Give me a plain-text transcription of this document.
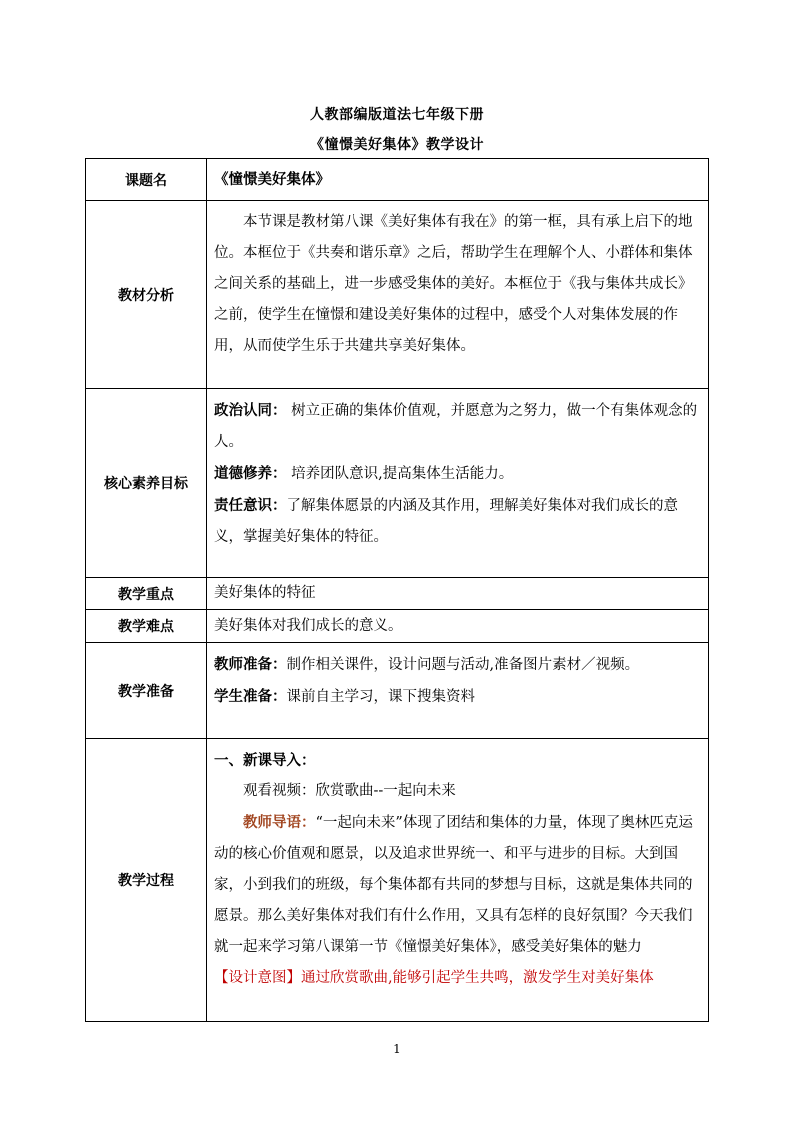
人教部编版道法七年级下册
《憧憬美好集体》教学设计
课题名	《憧憬美好集体》
教材分析	本节课是教材第八课《美好集体有我在》的第一框，具有承上启下的地位。本框位于《共奏和谐乐章》之后，帮助学生在理解个人、小群体和集体之间关系的基础上，进一步感受集体的美好。本框位于《我与集体共成长》之前，使学生在憧憬和建设美好集体的过程中，感受个人对集体发展的作用，从而使学生乐于共建共享美好集体。

核心素养目标	政治认同： 树立正确的集体价值观，并愿意为之努力，做一个有集体观念的人。

道德修养： 培养团队意识,提高集体生活能力。

责任意识：了解集体愿景的内涵及其作用，理解美好集体对我们成长的意义，掌握美好集体的特征。

教学重点	美好集体的特征
教学难点	美好集体对我们成长的意义。
教学准备	教师准备：制作相关课件，设计问题与活动,准备图片素材／视频。

学生准备：课前自主学习，课下搜集资料

教学过程	一、新课导入：

观看视频：欣赏歌曲--一起向未来

教师导语：“一起向未来”体现了团结和集体的力量，体现了奥林匹克运动的核心价值观和愿景，以及追求世界统一、和平与进步的目标。大到国家，小到我们的班级，每个集体都有共同的梦想与目标，这就是集体共同的愿景。那么美好集体对我们有什么作用，又具有怎样的良好氛围？今天我们就一起来学习第八课第一节《憧憬美好集体》，感受美好集体的魅力

【设计意图】通过欣赏歌曲,能够引起学生共鸣，激发学生对美好集体

1
